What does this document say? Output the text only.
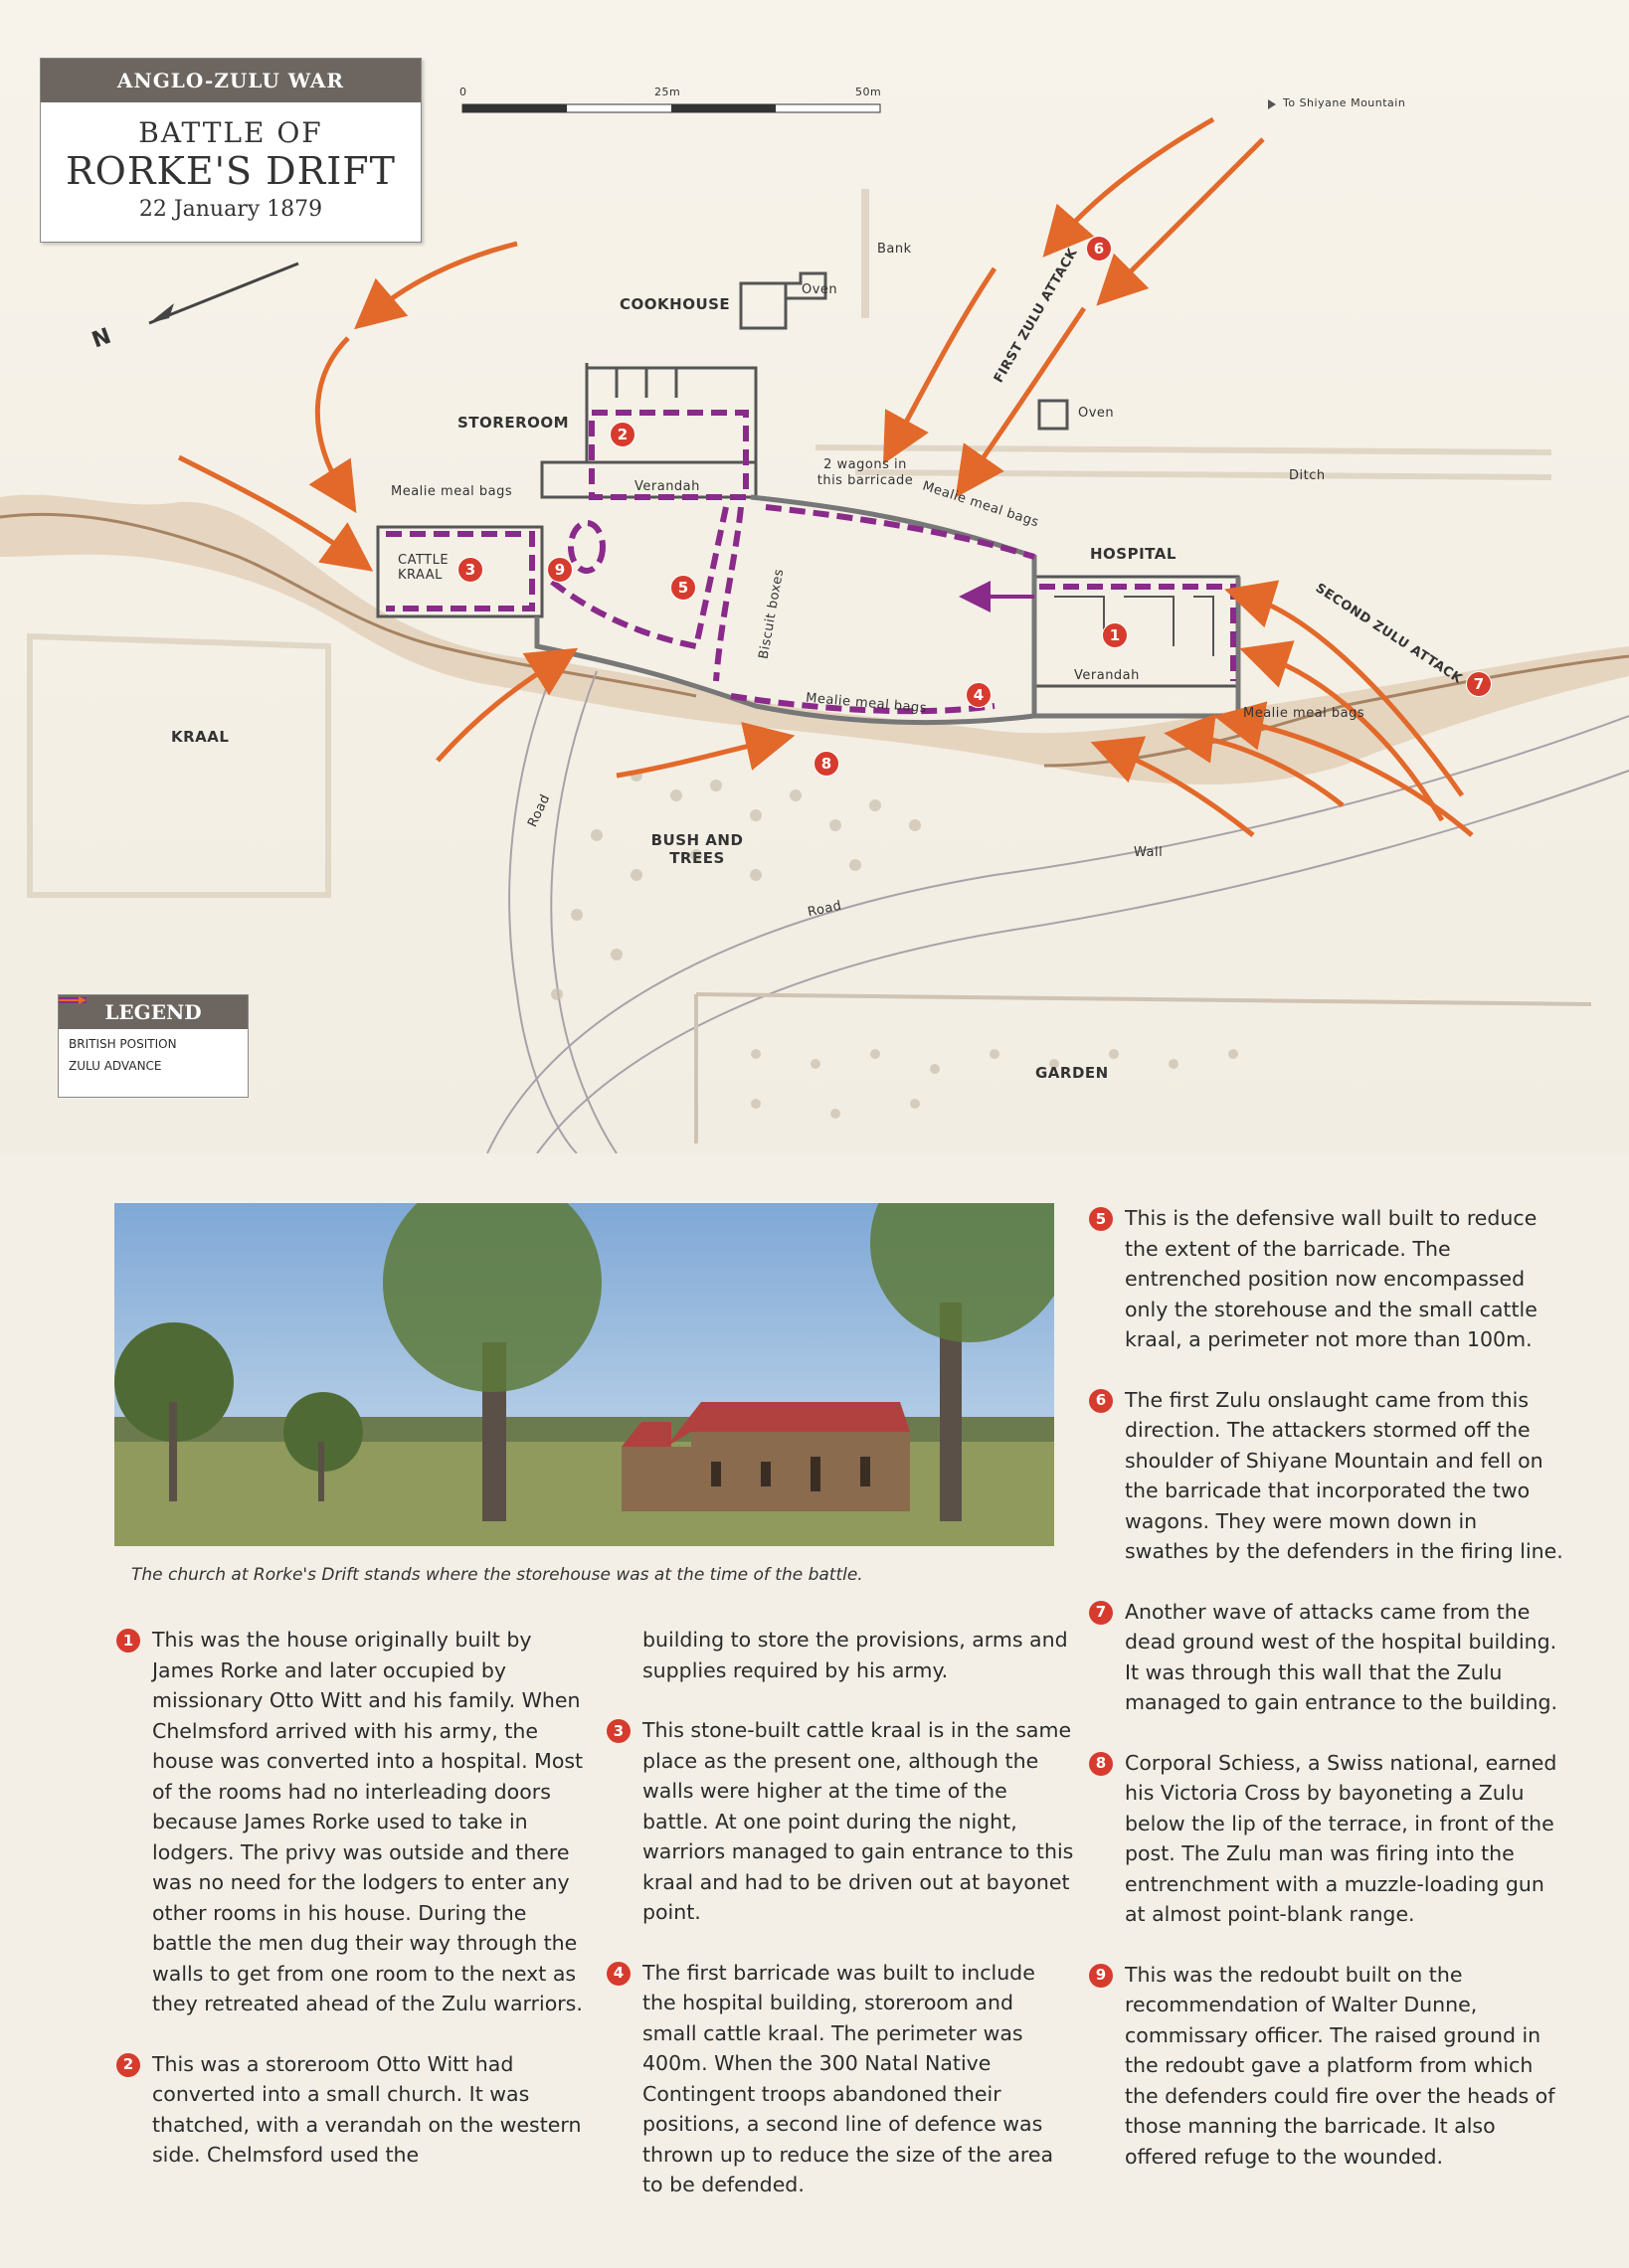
ANGLO-ZULU WAR
BATTLE OF
RORKE'S DRIFT
22 January 1879
0	25m	50m
N
To Shiyane Mountain
Bank
COOKHOUSE
Oven
Oven
STOREROOM
Verandah
Mealie meal bags	Mealie meal bags
Mealie meal bags	Mealie meal bags
CATTLE KRAAL
2 wagons in this barricade
Biscuit boxes
HOSPITAL
Verandah
Ditch
FIRST ZULU ATTACK
SECOND ZULU ATTACK
KRAAL
BUSH AND TREES
Road
Road
Wall
GARDEN
1
2
3
4
5
6
7
8
9
LEGEND
BRITISH POSITION
ZULU ADVANCE
The church at Rorke's Drift stands where the storehouse was at the time of the battle.
1 This was the house originally built by James Rorke and later occupied by missionary Otto Witt and his family. When Chelmsford arrived with his army, the house was converted into a hospital. Most of the rooms had no interleading doors because James Rorke used to take in lodgers. The privy was outside and there was no need for the lodgers to enter any other rooms in his house. During the battle the men dug their way through the walls to get from one room to the next as they retreated ahead of the Zulu warriors.
2 This was a storeroom Otto Witt had converted into a small church. It was thatched, with a verandah on the western side. Chelmsford used the
building to store the provisions, arms and supplies required by his army.
3 This stone-built cattle kraal is in the same place as the present one, although the walls were higher at the time of the battle. At one point during the night, warriors managed to gain entrance to this kraal and had to be driven out at bayonet point.
4 The first barricade was built to include the hospital building, storeroom and small cattle kraal. The perimeter was 400m. When the 300 Natal Native Contingent troops abandoned their positions, a second line of defence was thrown up to reduce the size of the area to be defended.
5 This is the defensive wall built to reduce the extent of the barricade. The entrenched position now encompassed only the storehouse and the small cattle kraal, a perimeter not more than 100m.
6 The first Zulu onslaught came from this direction. The attackers stormed off the shoulder of Shiyane Mountain and fell on the barricade that incorporated the two wagons. They were mown down in swathes by the defenders in the firing line.
7 Another wave of attacks came from the dead ground west of the hospital building. It was through this wall that the Zulu managed to gain entrance to the building.
8 Corporal Schiess, a Swiss national, earned his Victoria Cross by bayoneting a Zulu below the lip of the terrace, in front of the post. The Zulu man was firing into the entrenchment with a muzzle-loading gun at almost point-blank range.
9 This was the redoubt built on the recommendation of Walter Dunne, commissary officer. The raised ground in the redoubt gave a platform from which the defenders could fire over the heads of those manning the barricade. It also offered refuge to the wounded.
